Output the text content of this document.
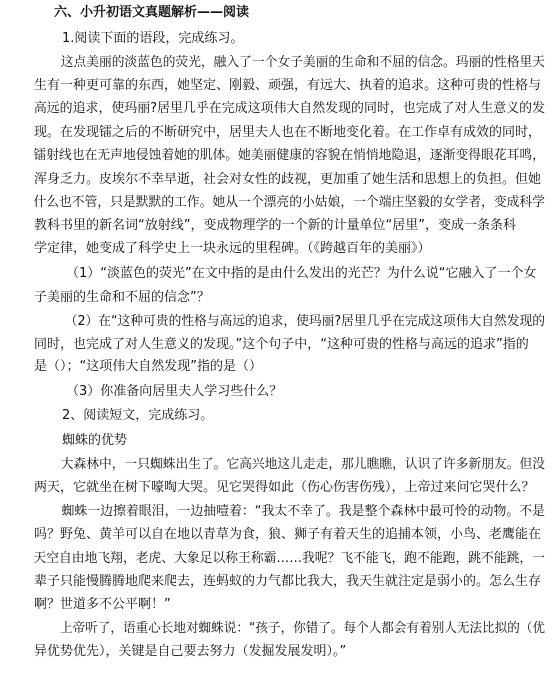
六、小升初语文真题解析——阅读
1.阅读下面的语段，完成练习。
这点美丽的淡蓝色的荧光，融入了一个女子美丽的生命和不屈的信念。玛丽的性格里天
生有一种更可靠的东西，她坚定、刚毅、顽强，有远大、执着的追求。这种可贵的性格与
高远的追求，使玛丽?居里几乎在完成这项伟大自然发现的同时，也完成了对人生意义的发
现。在发现镭之后的不断研究中，居里夫人也在不断地变化着。在工作卓有成效的同时，
镭射线也在无声地侵蚀着她的肌体。她美丽健康的容貌在悄悄地隐退，逐渐变得眼花耳鸣，
浑身乏力。皮埃尔不幸早逝，社会对女性的歧视，更加重了她生活和思想上的负担。但她
什么也不管，只是默默的工作。她从一个漂亮的小姑娘，一个端庄坚毅的女学者，变成科学
教科书里的新名词“放射线”，变成物理学的一个新的计量单位“居里”，变成一条条科
学定律，她变成了科学史上一块永远的里程碑。（《跨越百年的美丽》）
（1）“淡蓝色的荧光”在文中指的是由什么发出的光芒？为什么说“它融入了一个女
子美丽的生命和不屈的信念”？
（2）在“这种可贵的性格与高远的追求，使玛丽?居里几乎在完成这项伟大自然发现的
同时，也完成了对人生意义的发现。”这个句子中，“这种可贵的性格与高远的追求”指的
是（）；“这项伟大自然发现”指的是（）
（3）你准备向居里夫人学习些什么？
2、阅读短文，完成练习。
蜘蛛的优势
大森林中，一只蜘蛛出生了。它高兴地这儿走走，那儿瞧瞧，认识了许多新朋友。但没
两天，它就坐在树下嚎啕大哭。见它哭得如此（伤心伤害伤残），上帝过来问它哭什么？
蜘蛛一边擦着眼泪，一边抽噎着：“我太不幸了。我是整个森林中最可怜的动物。不是
吗？野兔、黄羊可以自在地以青草为食，狼、狮子有着天生的追捕本领，小鸟、老鹰能在
天空自由地飞翔，老虎、大象足以称王称霸……我呢？飞不能飞，跑不能跑，跳不能跳，一
辈子只能慢腾腾地爬来爬去，连蚂蚁的力气都比我大，我天生就注定是弱小的。怎么生存
啊？世道多不公平啊！”
上帝听了，语重心长地对蜘蛛说：“孩子，你错了。每个人都会有着别人无法比拟的（优
异优势优先），关键是自己要去努力（发掘发展发明）。”
